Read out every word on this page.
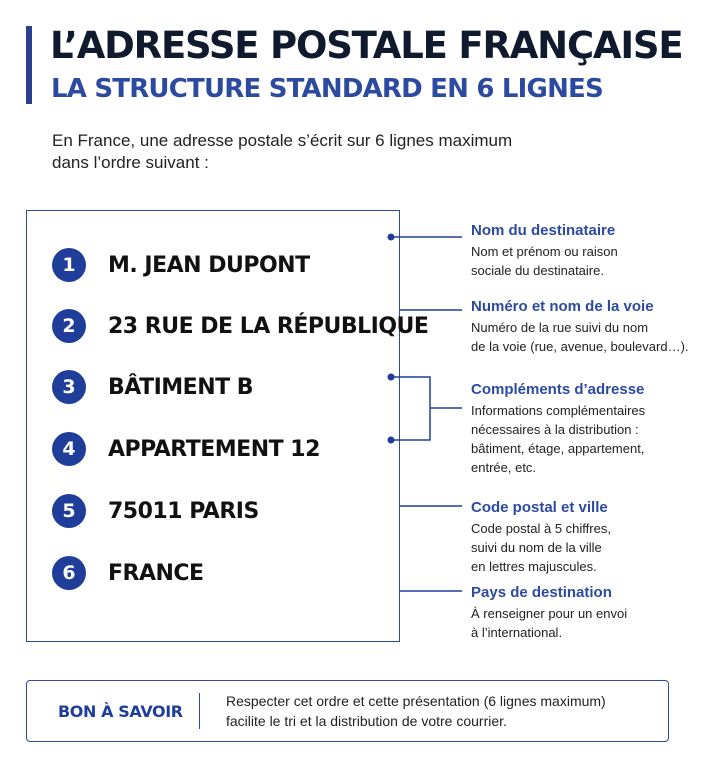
L’ADRESSE POSTALE FRANÇAISE
LA STRUCTURE STANDARD EN 6 LIGNES
En France, une adresse postale s’écrit sur 6 lignes maximum
dans l’ordre suivant :
1	M. JEAN DUPONT
2	23 RUE DE LA RÉPUBLIQUE
3	BÂTIMENT B
4	APPARTEMENT 12
5	75011 PARIS
6	FRANCE
Nom du destinataire
Nom et prénom ou raison
sociale du destinataire.
Numéro et nom de la voie
Numéro de la rue suivi du nom
de la voie (rue, avenue, boulevard…).
Compléments d’adresse
Informations complémentaires
nécessaires à la distribution :
bâtiment, étage, appartement,
entrée, etc.
Code postal et ville
Code postal à 5 chiffres,
suivi du nom de la ville
en lettres majuscules.
Pays de destination
À renseigner pour un envoi
à l’international.
BON À SAVOIR
Respecter cet ordre et cette présentation (6 lignes maximum)
facilite le tri et la distribution de votre courrier.
